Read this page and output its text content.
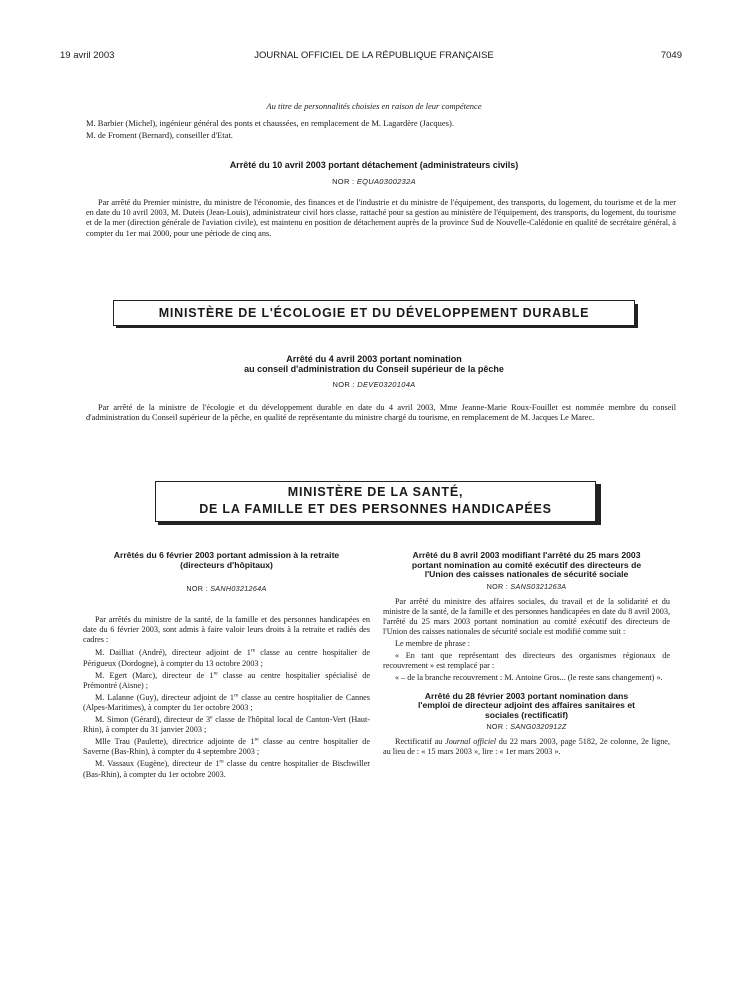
19 avril 2003	JOURNAL OFFICIEL DE LA RÉPUBLIQUE FRANÇAISE	7049
Au titre de personnalités choisies en raison de leur compétence
M. Barbier (Michel), ingénieur général des ponts et chaussées, en remplacement de M. Lagardère (Jacques).
M. de Froment (Bernard), conseiller d'Etat.
Arrêté du 10 avril 2003 portant détachement (administrateurs civils)
NOR : EQUA0300232A

Par arrêté du Premier ministre, du ministre de l'économie, des finances et de l'industrie et du ministre de l'équipement, des transports, du logement, du tourisme et de la mer en date du 10 avril 2003, M. Duteis (Jean-Louis), administrateur civil hors classe, rattaché pour sa gestion au ministère de l'équipement, des transports, du logement, du tourisme et de la mer (direction générale de l'aviation civile), est maintenu en position de détachement auprès de la province Sud de Nouvelle-Calédonie en qualité de secrétaire général, à compter du 1er mai 2000, pour une période de cinq ans.

MINISTÈRE DE L'ÉCOLOGIE ET DU DÉVELOPPEMENT DURABLE
Arrêté du 4 avril 2003 portant nomination
au conseil d'administration du Conseil supérieur de la pêche
NOR : DEVE0320104A

Par arrêté de la ministre de l'écologie et du développement durable en date du 4 avril 2003, Mme Jeanne-Marie Roux-Fouillet est nommée membre du conseil d'administration du Conseil supérieur de la pêche, en qualité de représentante du ministre chargé du tourisme, en remplacement de M. Jacques Le Marec.

MINISTÈRE DE LA SANTÉ,
DE LA FAMILLE ET DES PERSONNES HANDICAPÉES

Arrêtés du 6 février 2003 portant admission à la retraite

(directeurs d'hôpitaux)

NOR : SANH0321264A

Par arrêtés du ministre de la santé, de la famille et des personnes handicapées en date du 6 février 2003, sont admis à faire valoir leurs droits à la retraite et radiés des cadres :

M. Dailliat (André), directeur adjoint de 1re classe au centre hospitalier de Périgueux (Dordogne), à compter du 13 octobre 2003 ;

M. Egert (Marc), directeur de 1re classe au centre hospitalier spécialisé de Prémontré (Aisne) ;

M. Lalanne (Guy), directeur adjoint de 1re classe au centre hospitalier de Cannes (Alpes-Maritimes), à compter du 1er octobre 2003 ;

M. Simon (Gérard), directeur de 3e classe de l'hôpital local de Canton-Vert (Haut-Rhin), à compter du 31 janvier 2003 ;

Mlle Trau (Paulette), directrice adjointe de 1re classe au centre hospitalier de Saverne (Bas-Rhin), à compter du 4 septembre 2003 ;

M. Vassaux (Eugène), directeur de 1re classe du centre hospitalier de Bischwiller (Bas-Rhin), à compter du 1er octobre 2003.

Arrêté du 8 avril 2003 modifiant l'arrêté du 25 mars 2003

portant nomination au comité exécutif des directeurs de

l'Union des caisses nationales de sécurité sociale

NOR : SANS0321263A

Par arrêté du ministre des affaires sociales, du travail et de la solidarité et du ministre de la santé, de la famille et des personnes handicapées en date du 8 avril 2003, l'arrêté du 25 mars 2003 portant nomination au comité exécutif des directeurs de l'Union des caisses nationales de sécurité sociale est modifié comme suit :

Le membre de phrase :

« En tant que représentant des directeurs des organismes régionaux de recouvrement » est remplacé par :

« – de la branche recouvrement : M. Antoine Gros... (le reste sans changement) ».

Arrêté du 28 février 2003 portant nomination dans

l'emploi de directeur adjoint des affaires sanitaires et

sociales (rectificatif)

NOR : SANG0320912Z

Rectificatif au Journal officiel du 22 mars 2003, page 5182, 2e colonne, 2e ligne, au lieu de : « 15 mars 2003 », lire : « 1er mars 2003 ».
